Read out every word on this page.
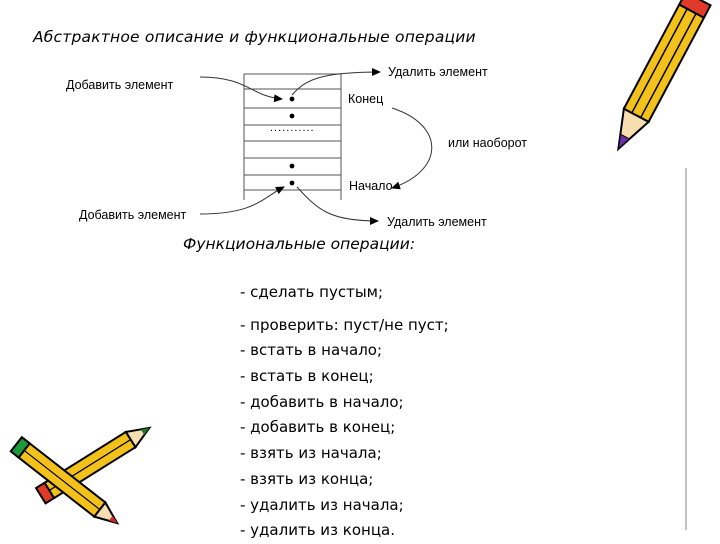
Абстрактное описание и функциональные операции
Добавить элемент
Удалить элемент
Конец
...........
или наоборот
Начало
Добавить элемент	Удалить элемент
Функциональные операции:
- сделать пустым;
- проверить: пуст/не пуст;
- встать в начало;
- встать в конец;
- добавить в начало;
- добавить в конец;
- взять из начала;
- взять из конца;
- удалить из начала;
- удалить из конца.
